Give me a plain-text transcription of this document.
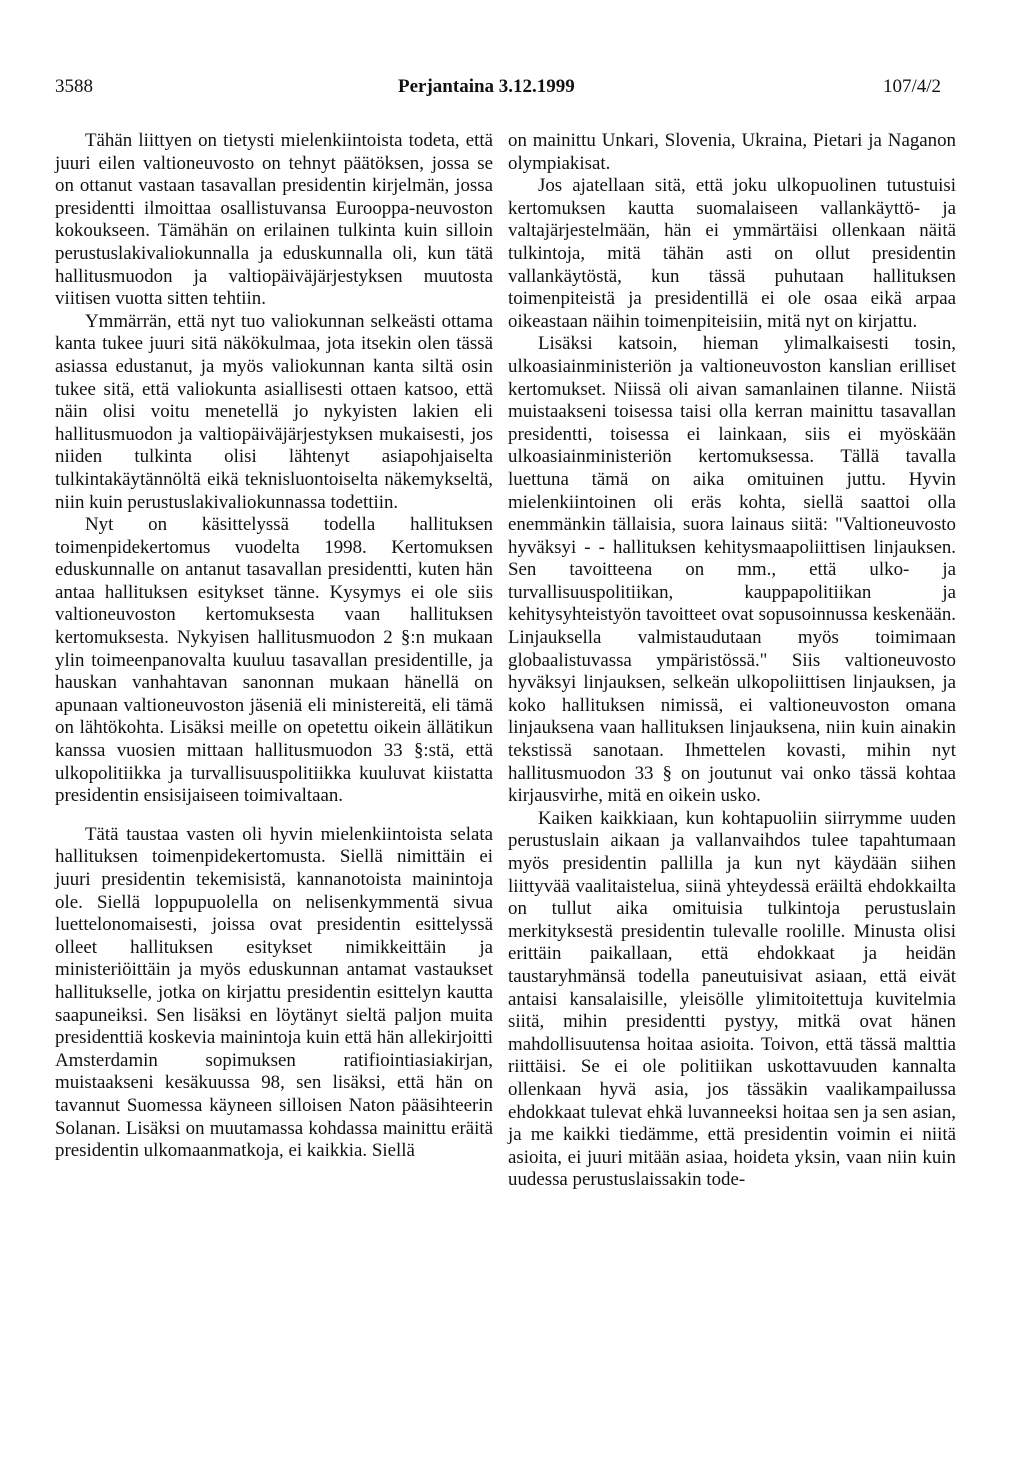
3588	Perjantaina 3.12.1999	107/4/2

Tähän liittyen on tietysti mielenkiintoista todeta, että juuri eilen valtioneuvosto on tehnyt päätöksen, jossa se on ottanut vastaan tasavallan presidentin kirjelmän, jossa presidentti ilmoittaa osallistuvansa Eurooppa-neuvoston kokoukseen. Tämähän on erilainen tulkinta kuin silloin perustuslakivaliokunnalla ja eduskunnalla oli, kun tätä hallitusmuodon ja valtiopäiväjärjestyksen muutosta viitisen vuotta sitten tehtiin.

Ymmärrän, että nyt tuo valiokunnan selkeästi ottama kanta tukee juuri sitä näkökulmaa, jota itsekin olen tässä asiassa edustanut, ja myös valiokunnan kanta siltä osin tukee sitä, että valiokunta asiallisesti ottaen katsoo, että näin olisi voitu menetellä jo nykyisten lakien eli hallitusmuodon ja valtiopäiväjärjestyksen mukaisesti, jos niiden tulkinta olisi lähtenyt asiapohjaiselta tulkintakäytännöltä eikä teknisluontoiselta näkemykseltä, niin kuin perustuslakivaliokunnassa todettiin.

Nyt on käsittelyssä todella hallituksen toimenpidekertomus vuodelta 1998. Kertomuksen eduskunnalle on antanut tasavallan presidentti, kuten hän antaa hallituksen esitykset tänne. Kysymys ei ole siis valtioneuvoston kertomuksesta vaan hallituksen kertomuksesta. Nykyisen hallitusmuodon 2 §:n mukaan ylin toimeenpanovalta kuuluu tasavallan presidentille, ja hauskan vanhahtavan sanonnan mukaan hänellä on apunaan valtioneuvoston jäseniä eli ministereitä, eli tämä on lähtökohta. Lisäksi meille on opetettu oikein ällätikun kanssa vuosien mittaan hallitusmuodon 33 §:stä, että ulkopolitiikka ja turvallisuuspolitiikka kuuluvat kiistatta presidentin ensisijaiseen toimivaltaan.

Tätä taustaa vasten oli hyvin mielenkiintoista selata hallituksen toimenpidekertomusta. Siellä nimittäin ei juuri presidentin tekemisistä, kannanotoista mainintoja ole. Siellä loppupuolella on nelisenkymmentä sivua luettelonomaisesti, joissa ovat presidentin esittelyssä olleet hallituksen esitykset nimikkeittäin ja ministeriöittäin ja myös eduskunnan antamat vastaukset hallitukselle, jotka on kirjattu presidentin esittelyn kautta saapuneiksi. Sen lisäksi en löytänyt sieltä paljon muita presidenttiä koskevia mainintoja kuin että hän allekirjoitti Amsterdamin sopimuksen ratifiointiasiakirjan, muistaakseni kesäkuussa 98, sen lisäksi, että hän on tavannut Suomessa käyneen silloisen Naton pääsihteerin Solanan. Lisäksi on muutamassa kohdassa mainittu eräitä presidentin ulkomaanmatkoja, ei kaikkia. Siellä

on mainittu Unkari, Slovenia, Ukraina, Pietari ja Naganon olympiakisat.

Jos ajatellaan sitä, että joku ulkopuolinen tutustuisi kertomuksen kautta suomalaiseen vallankäyttö- ja valtajärjestelmään, hän ei ymmärtäisi ollenkaan näitä tulkintoja, mitä tähän asti on ollut presidentin vallankäytöstä, kun tässä puhutaan hallituksen toimenpiteistä ja presidentillä ei ole osaa eikä arpaa oikeastaan näihin toimenpiteisiin, mitä nyt on kirjattu.

Lisäksi katsoin, hieman ylimalkaisesti tosin, ulkoasiainministeriön ja valtioneuvoston kanslian erilliset kertomukset. Niissä oli aivan samanlainen tilanne. Niistä muistaakseni toisessa taisi olla kerran mainittu tasavallan presidentti, toisessa ei lainkaan, siis ei myöskään ulkoasiainministeriön kertomuksessa. Tällä tavalla luettuna tämä on aika omituinen juttu. Hyvin mielenkiintoinen oli eräs kohta, siellä saattoi olla enemmänkin tällaisia, suora lainaus siitä: "Valtioneuvosto hyväksyi - - hallituksen kehitysmaapoliittisen linjauksen. Sen tavoitteena on mm., että ulko- ja turvallisuuspolitiikan, kauppapolitiikan ja kehitysyhteistyön tavoitteet ovat sopusoinnussa keskenään. Linjauksella valmistaudutaan myös toimimaan globaalistuvassa ympäristössä." Siis valtioneuvosto hyväksyi linjauksen, selkeän ulkopoliittisen linjauksen, ja koko hallituksen nimissä, ei valtioneuvoston omana linjauksena vaan hallituksen linjauksena, niin kuin ainakin tekstissä sanotaan. Ihmettelen kovasti, mihin nyt hallitusmuodon 33 § on joutunut vai onko tässä kohtaa kirjausvirhe, mitä en oikein usko.

Kaiken kaikkiaan, kun kohtapuoliin siirrymme uuden perustuslain aikaan ja vallanvaihdos tulee tapahtumaan myös presidentin pallilla ja kun nyt käydään siihen liittyvää vaalitaistelua, siinä yhteydessä eräiltä ehdokkailta on tullut aika omituisia tulkintoja perustuslain merkityksestä presidentin tulevalle roolille. Minusta olisi erittäin paikallaan, että ehdokkaat ja heidän taustaryhmänsä todella paneutuisivat asiaan, että eivät antaisi kansalaisille, yleisölle ylimitoitettuja kuvitelmia siitä, mihin presidentti pystyy, mitkä ovat hänen mahdollisuutensa hoitaa asioita. Toivon, että tässä malttia riittäisi. Se ei ole politiikan uskottavuuden kannalta ollenkaan hyvä asia, jos tässäkin vaalikampailussa ehdokkaat tulevat ehkä luvanneeksi hoitaa sen ja sen asian, ja me kaikki tiedämme, että presidentin voimin ei niitä asioita, ei juuri mitään asiaa, hoideta yksin, vaan niin kuin uudessa perustuslaissakin tode-
